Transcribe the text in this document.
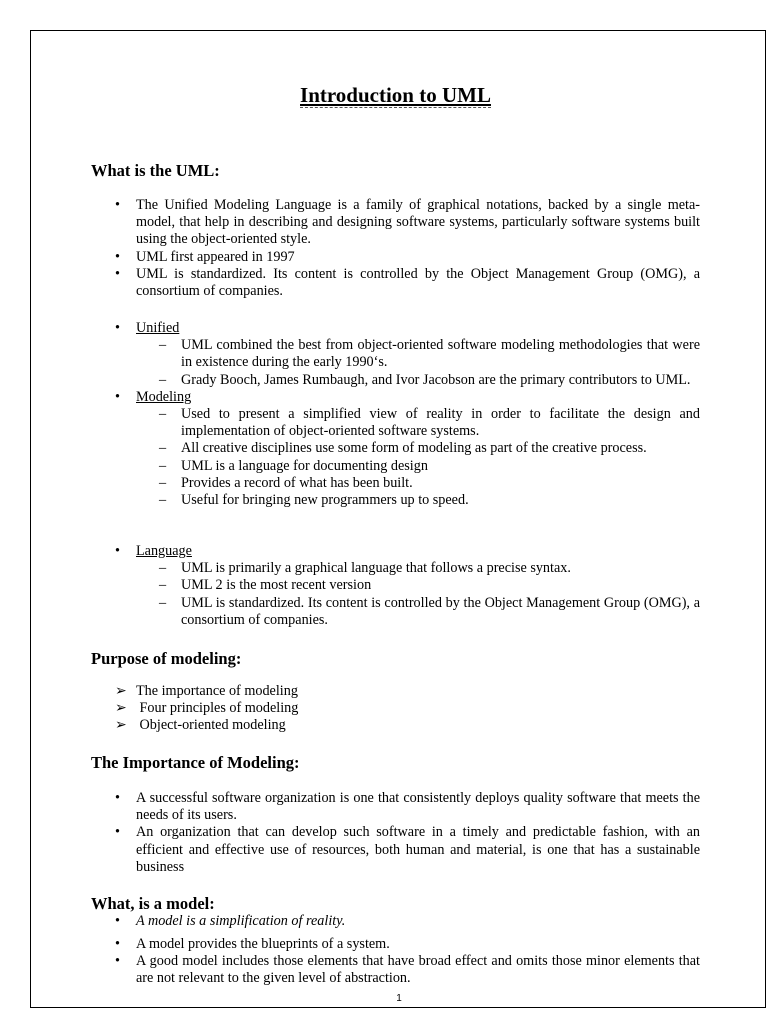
Introduction to UML
What is the UML:
• The Unified Modeling Language is a family of graphical notations, backed by a single meta-model, that help in describing and designing software systems, particularly software systems built using the object-oriented style.
• UML first appeared in 1997
• UML is standardized. Its content is controlled by the Object Management Group (OMG), a consortium of companies.
• Unified
– UML combined the best from object-oriented software modeling methodologies that were in existence during the early 1990‘s.
– Grady Booch, James Rumbaugh, and Ivor Jacobson are the primary contributors to UML.
• Modeling
– Used to present a simplified view of reality in order to facilitate the design and implementation of object-oriented software systems.
– All creative disciplines use some form of modeling as part of the creative process.
– UML is a language for documenting design
– Provides a record of what has been built.
– Useful for bringing new programmers up to speed.
• Language
– UML is primarily a graphical language that follows a precise syntax.
– UML 2 is the most recent version
– UML is standardized. Its content is controlled by the Object Management Group (OMG), a consortium of companies.
Purpose of modeling:
➢ The importance of modeling
➢ Four principles of modeling
➢ Object-oriented modeling
The Importance of Modeling:
• A successful software organization is one that consistently deploys quality software that meets the needs of its users.
• An organization that can develop such software in a timely and predictable fashion, with an efficient and effective use of resources, both human and material, is one that has a sustainable business
What, is a model:
• A model is a simplification of reality.
• A model provides the blueprints of a system.
• A good model includes those elements that have broad effect and omits those minor elements that are not relevant to the given level of abstraction.
1
